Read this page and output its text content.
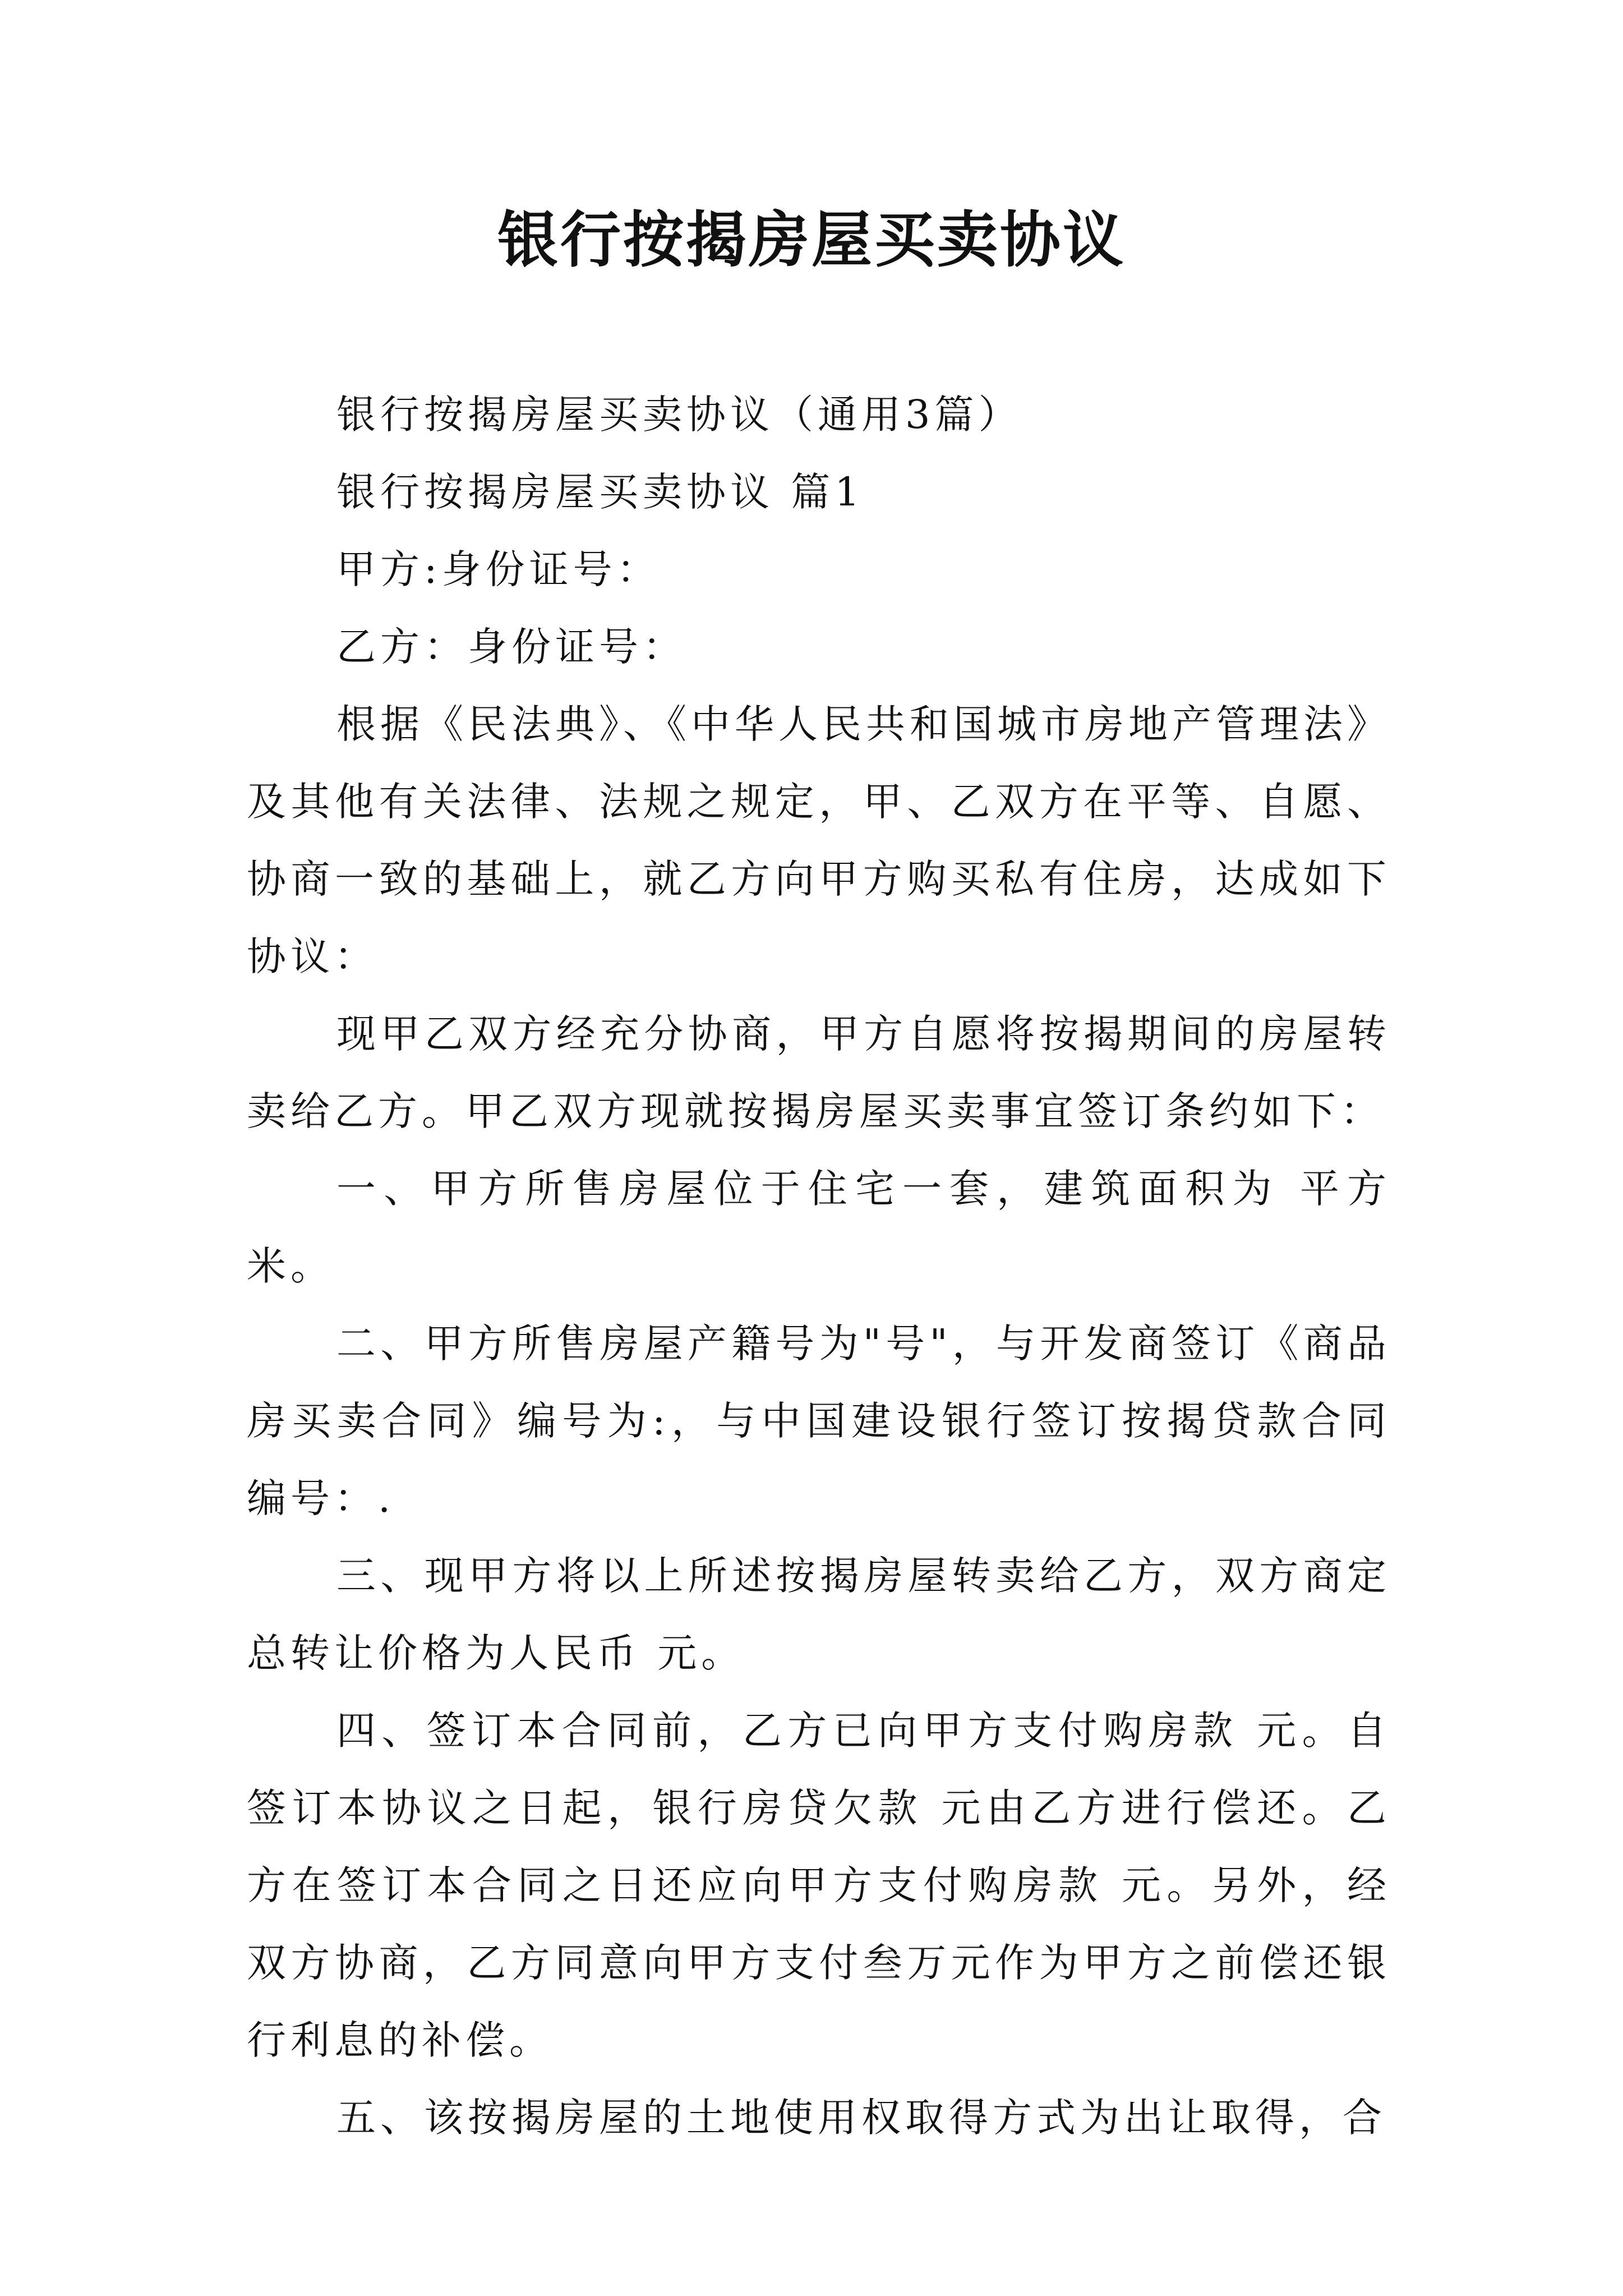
银行按揭房屋买卖协议

银行按揭房屋买卖协议（通用3篇）

银行按揭房屋买卖协议 篇1

甲方:身份证号：

乙方：身份证号：

根据《民法典》、《中华人民共和国城市房地产管理法》及其他有关法律、法规之规定，甲、乙双方在平等、自愿、协商一致的基础上，就乙方向甲方购买私有住房，达成如下协议：

现甲乙双方经充分协商，甲方自愿将按揭期间的房屋转卖给乙方。甲乙双方现就按揭房屋买卖事宜签订条约如下：

一、甲方所售房屋位于住宅一套，建筑面积为 平方米。

二、甲方所售房屋产籍号为"号"，与开发商签订《商品房买卖合同》编号为:，与中国建设银行签订按揭贷款合同编号：.

三、现甲方将以上所述按揭房屋转卖给乙方，双方商定总转让价格为人民币 元。

四、签订本合同前，乙方已向甲方支付购房款 元。自签订本协议之日起，银行房贷欠款 元由乙方进行偿还。乙方在签订本合同之日还应向甲方支付购房款 元。另外，经双方协商，乙方同意向甲方支付叁万元作为甲方之前偿还银行利息的补偿。

五、该按揭房屋的土地使用权取得方式为出让取得，合
